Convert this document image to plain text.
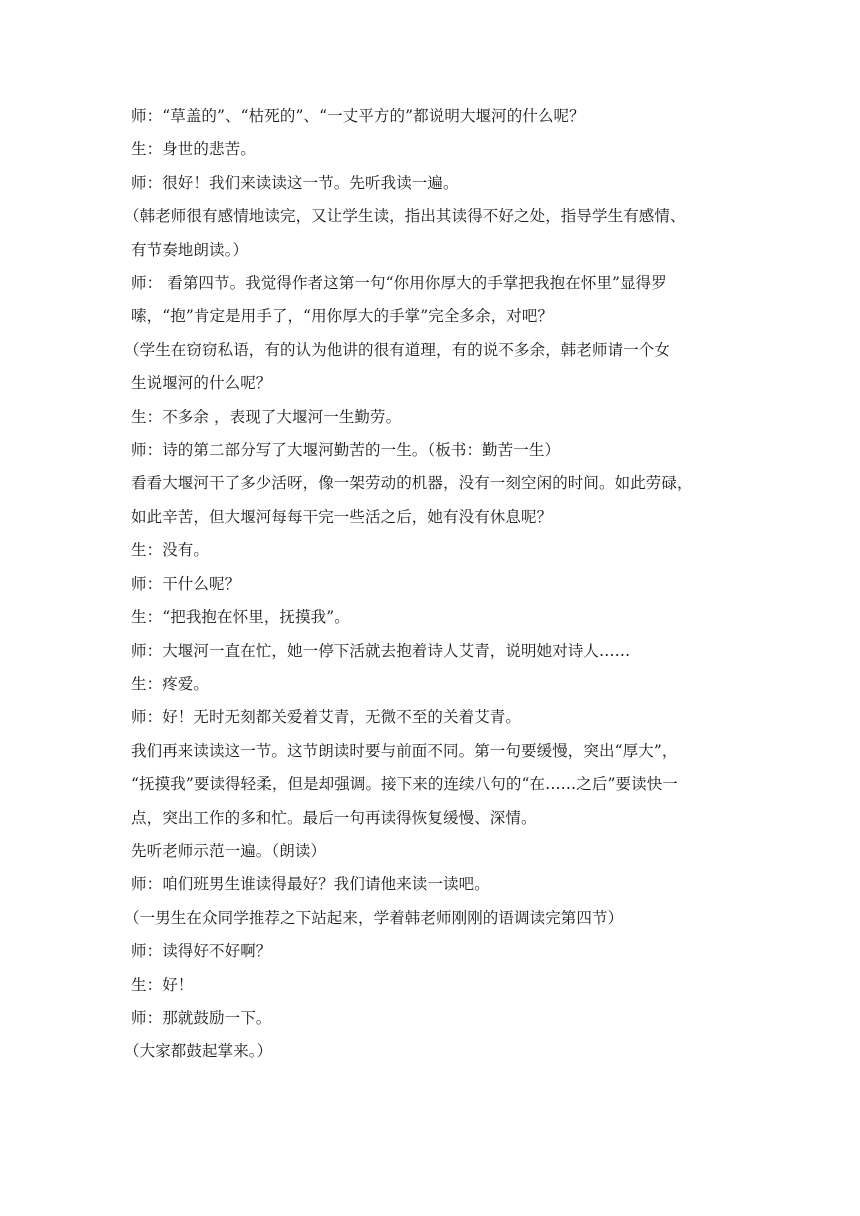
师：“草盖的”、“枯死的”、“一丈平方的”都说明大堰河的什么呢？

生：身世的悲苦。

师：很好！我们来读读这一节。先听我读一遍。

（韩老师很有感情地读完，又让学生读，指出其读得不好之处，指导学生有感情、

有节奏地朗读。）

师： 看第四节。我觉得作者这第一句“你用你厚大的手掌把我抱在怀里”显得罗

嗦，“抱”肯定是用手了，“用你厚大的手掌”完全多余，对吧？

（学生在窃窃私语，有的认为他讲的很有道理，有的说不多余，韩老师请一个女

生说堰河的什么呢？

生：不多余 ，表现了大堰河一生勤劳。

师：诗的第二部分写了大堰河勤苦的一生。（板书：勤苦一生）

看看大堰河干了多少活呀，像一架劳动的机器，没有一刻空闲的时间。如此劳碌，

如此辛苦，但大堰河每每干完一些活之后，她有没有休息呢？

生：没有。

师：干什么呢？

生：“把我抱在怀里，抚摸我”。

师：大堰河一直在忙，她一停下活就去抱着诗人艾青，说明她对诗人……

生：疼爱。

师：好！无时无刻都关爱着艾青，无微不至的关着艾青。

我们再来读读这一节。这节朗读时要与前面不同。第一句要缓慢，突出“厚大”，

“抚摸我”要读得轻柔，但是却强调。接下来的连续八句的“在……之后”要读快一

点，突出工作的多和忙。最后一句再读得恢复缓慢、深情。

先听老师示范一遍。（朗读）

师：咱们班男生谁读得最好？我们请他来读一读吧。

（一男生在众同学推荐之下站起来，学着韩老师刚刚的语调读完第四节）

师：读得好不好啊？

生：好！

师：那就鼓励一下。

（大家都鼓起掌来。）
